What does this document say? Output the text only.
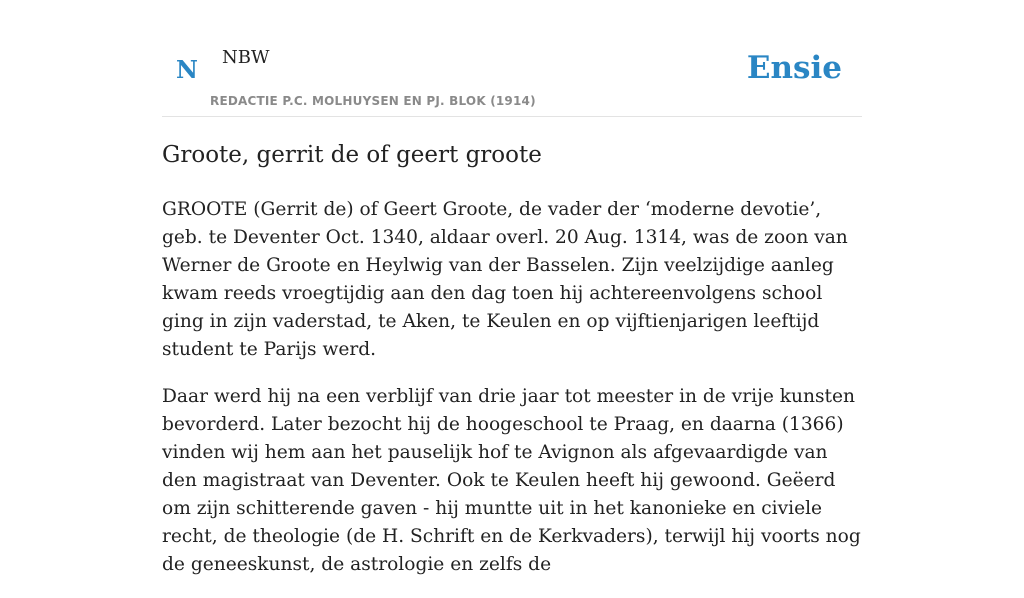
N NBW
REDACTIE P.C. MOLHUYSEN EN PJ. BLOK (1914)
Ensie
Groote, gerrit de of geert groote

GROOTE (Gerrit de) of Geert Groote, de vader der ‘moderne devotie’, geb. te Deventer Oct. 1340, aldaar overl. 20 Aug. 1314, was de zoon van Werner de Groote en Heylwig van der Basselen. Zijn veelzijdige aanleg kwam reeds vroegtijdig aan den dag toen hij achtereenvolgens school ging in zijn vaderstad, te Aken, te Keulen en op vijftienjarigen leeftijd student te Parijs werd.

Daar werd hij na een verblijf van drie jaar tot meester in de vrije kunsten bevorderd. Later bezocht hij de hoogeschool te Praag, en daarna (1366) vinden wij hem aan het pauselijk hof te Avignon als afgevaardigde van den magistraat van Deventer. Ook te Keulen heeft hij gewoond. Geëerd om zijn schitterende gaven - hij muntte uit in het kanonieke en civiele recht, de theologie (de H. Schrift en de Kerkvaders), terwijl hij voorts nog de geneeskunst, de astrologie en zelfs de
